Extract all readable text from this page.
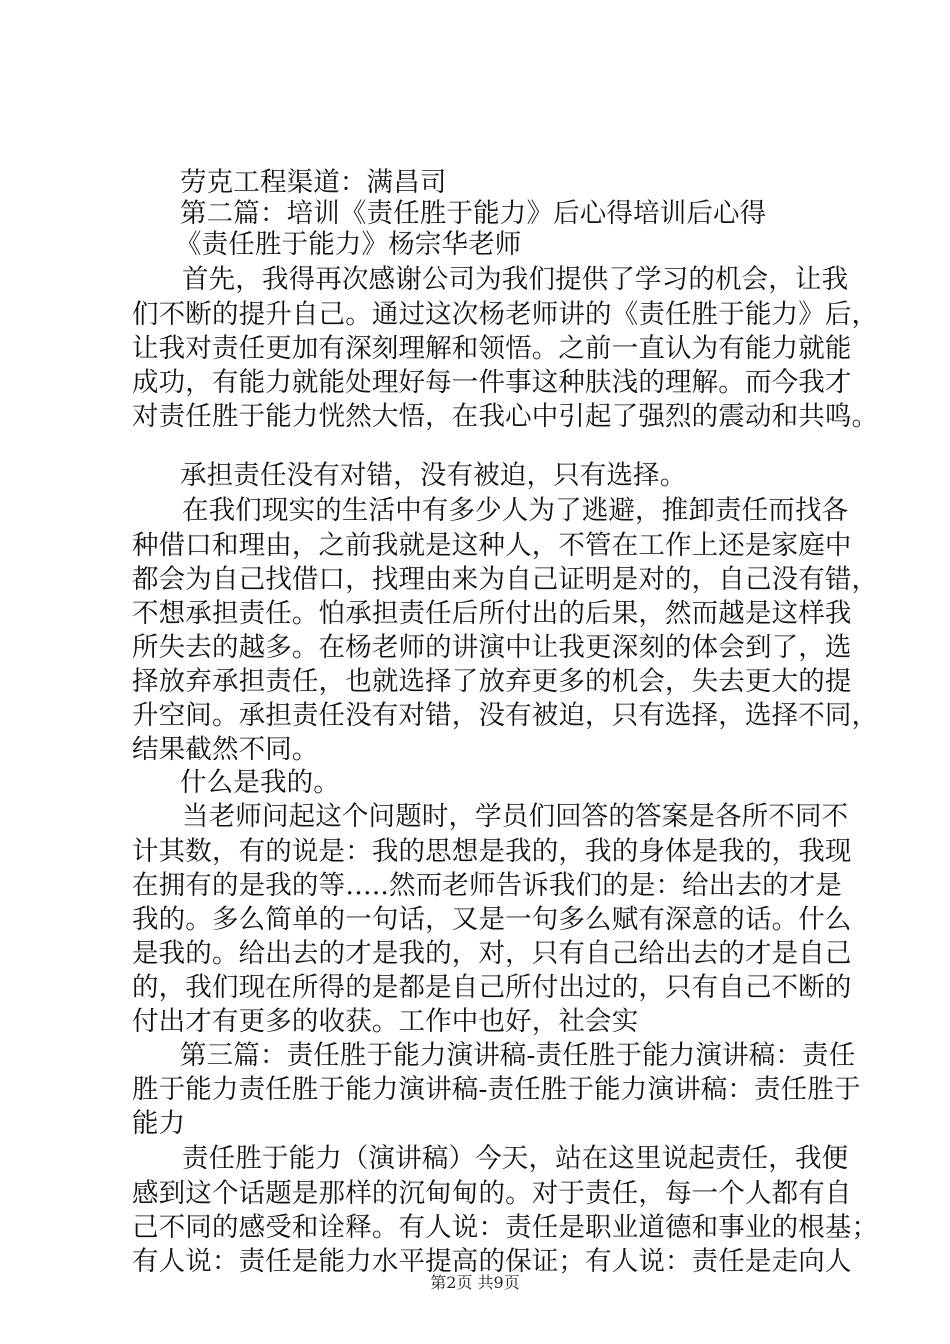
劳克工程渠道：满昌司
第二篇：培训《责任胜于能力》后心得培训后心得
《责任胜于能力》杨宗华老师
首先，我得再次感谢公司为我们提供了学习的机会，让我
们不断的提升自己。通过这次杨老师讲的《责任胜于能力》后，
让我对责任更加有深刻理解和领悟。之前一直认为有能力就能
成功，有能力就能处理好每一件事这种肤浅的理解。而今我才
对责任胜于能力恍然大悟，在我心中引起了强烈的震动和共鸣。
承担责任没有对错，没有被迫，只有选择。
在我们现实的生活中有多少人为了逃避，推卸责任而找各
种借口和理由，之前我就是这种人，不管在工作上还是家庭中
都会为自己找借口，找理由来为自己证明是对的，自己没有错，
不想承担责任。怕承担责任后所付出的后果，然而越是这样我
所失去的越多。在杨老师的讲演中让我更深刻的体会到了，选
择放弃承担责任，也就选择了放弃更多的机会，失去更大的提
升空间。承担责任没有对错，没有被迫，只有选择，选择不同，
结果截然不同。
什么是我的。
当老师问起这个问题时，学员们回答的答案是各所不同不
计其数，有的说是：我的思想是我的，我的身体是我的，我现
在拥有的是我的等…..然而老师告诉我们的是：给出去的才是
我的。多么简单的一句话，又是一句多么赋有深意的话。什么
是我的。给出去的才是我的，对，只有自己给出去的才是自己
的，我们现在所得的是都是自己所付出过的，只有自己不断的
付出才有更多的收获。工作中也好，社会实
第三篇：责任胜于能力演讲稿-责任胜于能力演讲稿：责任
胜于能力责任胜于能力演讲稿-责任胜于能力演讲稿：责任胜于
能力
责任胜于能力（演讲稿）今天，站在这里说起责任，我便
感到这个话题是那样的沉甸甸的。对于责任，每一个人都有自
己不同的感受和诠释。有人说：责任是职业道德和事业的根基；
有人说：责任是能力水平提高的保证；有人说：责任是走向人
第2页 共9页
